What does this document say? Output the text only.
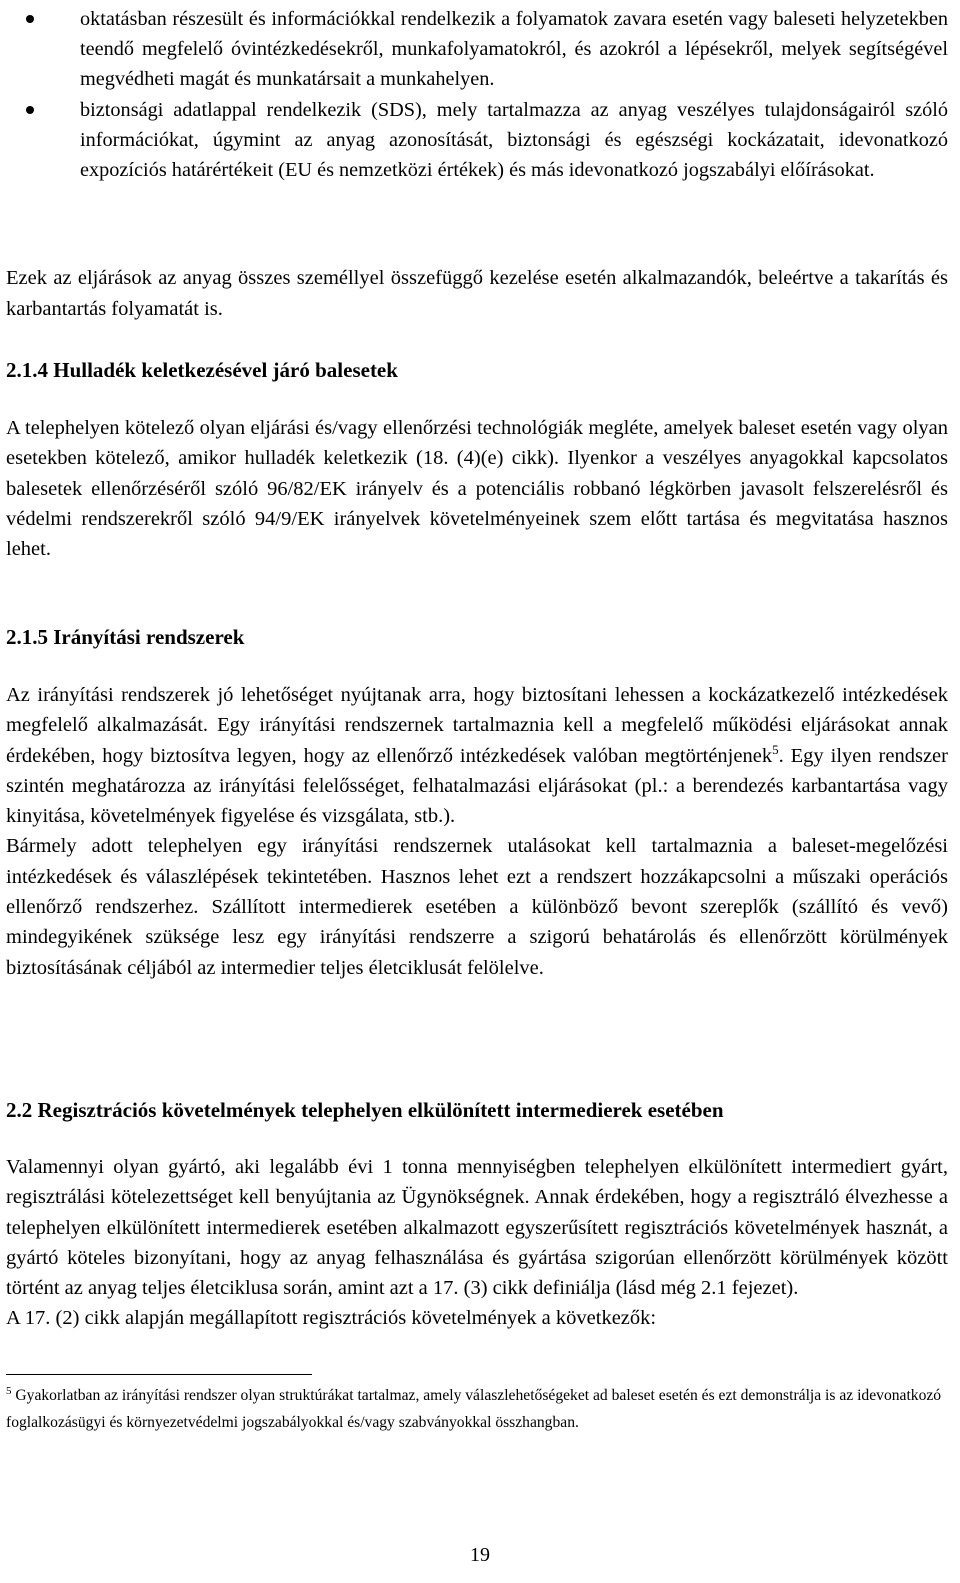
oktatásban részesült és információkkal rendelkezik a folyamatok zavara esetén vagy baleseti helyzetekben teendő megfelelő óvintézkedésekről, munkafolyamatokról, és azokról a lépésekről, melyek segítségével megvédheti magát és munkatársait a munkahelyen.
biztonsági adatlappal rendelkezik (SDS), mely tartalmazza az anyag veszélyes tulajdonságairól szóló információkat, úgymint az anyag azonosítását, biztonsági és egészségi kockázatait, idevonatkozó expozíciós határértékeit (EU és nemzetközi értékek) és más idevonatkozó jogszabályi előírásokat.

Ezek az eljárások az anyag összes személlyel összefüggő kezelése esetén alkalmazandók, beleértve a takarítás és karbantartás folyamatát is.

2.1.4 Hulladék keletkezésével járó balesetek

A telephelyen kötelező olyan eljárási és/vagy ellenőrzési technológiák megléte, amelyek baleset esetén vagy olyan esetekben kötelező, amikor hulladék keletkezik (18. (4)(e) cikk). Ilyenkor a veszélyes anyagokkal kapcsolatos balesetek ellenőrzéséről szóló 96/82/EK irányelv és a potenciális robbanó légkörben javasolt felszerelésről és védelmi rendszerekről szóló 94/9/EK irányelvek követelményeinek szem előtt tartása és megvitatása hasznos lehet.

2.1.5 Irányítási rendszerek

Az irányítási rendszerek jó lehetőséget nyújtanak arra, hogy biztosítani lehessen a kockázatkezelő intézkedések megfelelő alkalmazását. Egy irányítási rendszernek tartalmaznia kell a megfelelő működési eljárásokat annak érdekében, hogy biztosítva legyen, hogy az ellenőrző intézkedések valóban megtörténjenek$^5$. Egy ilyen rendszer szintén meghatározza az irányítási felelősséget, felhatalmazási eljárásokat (pl.: a berendezés karbantartása vagy kinyitása, követelmények figyelése és vizsgálata, stb.).
Bármely adott telephelyen egy irányítási rendszernek utalásokat kell tartalmaznia a baleset-megelőzési intézkedések és válaszlépések tekintetében. Hasznos lehet ezt a rendszert hozzákapcsolni a műszaki operációs ellenőrző rendszerhez. Szállított intermedierek esetében a különböző bevont szereplők (szállító és vevő) mindegyikének szüksége lesz egy irányítási rendszerre a szigorú behatárolás és ellenőrzött körülmények biztosításának céljából az intermedier teljes életciklusát felölelve.

2.2 Regisztrációs követelmények telephelyen elkülönített intermedierek esetében

Valamennyi olyan gyártó, aki legalább évi 1 tonna mennyiségben telephelyen elkülönített intermediert gyárt, regisztrálási kötelezettséget kell benyújtania az Ügynökségnek. Annak érdekében, hogy a regisztráló élvezhesse a telephelyen elkülönített intermedierek esetében alkalmazott egyszerűsített regisztrációs követelmények hasznát, a gyártó köteles bizonyítani, hogy az anyag felhasználása és gyártása szigorúan ellenőrzött körülmények között történt az anyag teljes életciklusa során, amint azt a 17. (3) cikk definiálja (lásd még 2.1 fejezet).
A 17. (2) cikk alapján megállapított regisztrációs követelmények a következők:

$^5$ Gyakorlatban az irányítási rendszer olyan struktúrákat tartalmaz, amely válaszlehetőségeket ad baleset esetén és ezt demonstrálja is az idevonatkozó foglalkozásügyi és környezetvédelmi jogszabályokkal és/vagy szabványokkal összhangban.

19
